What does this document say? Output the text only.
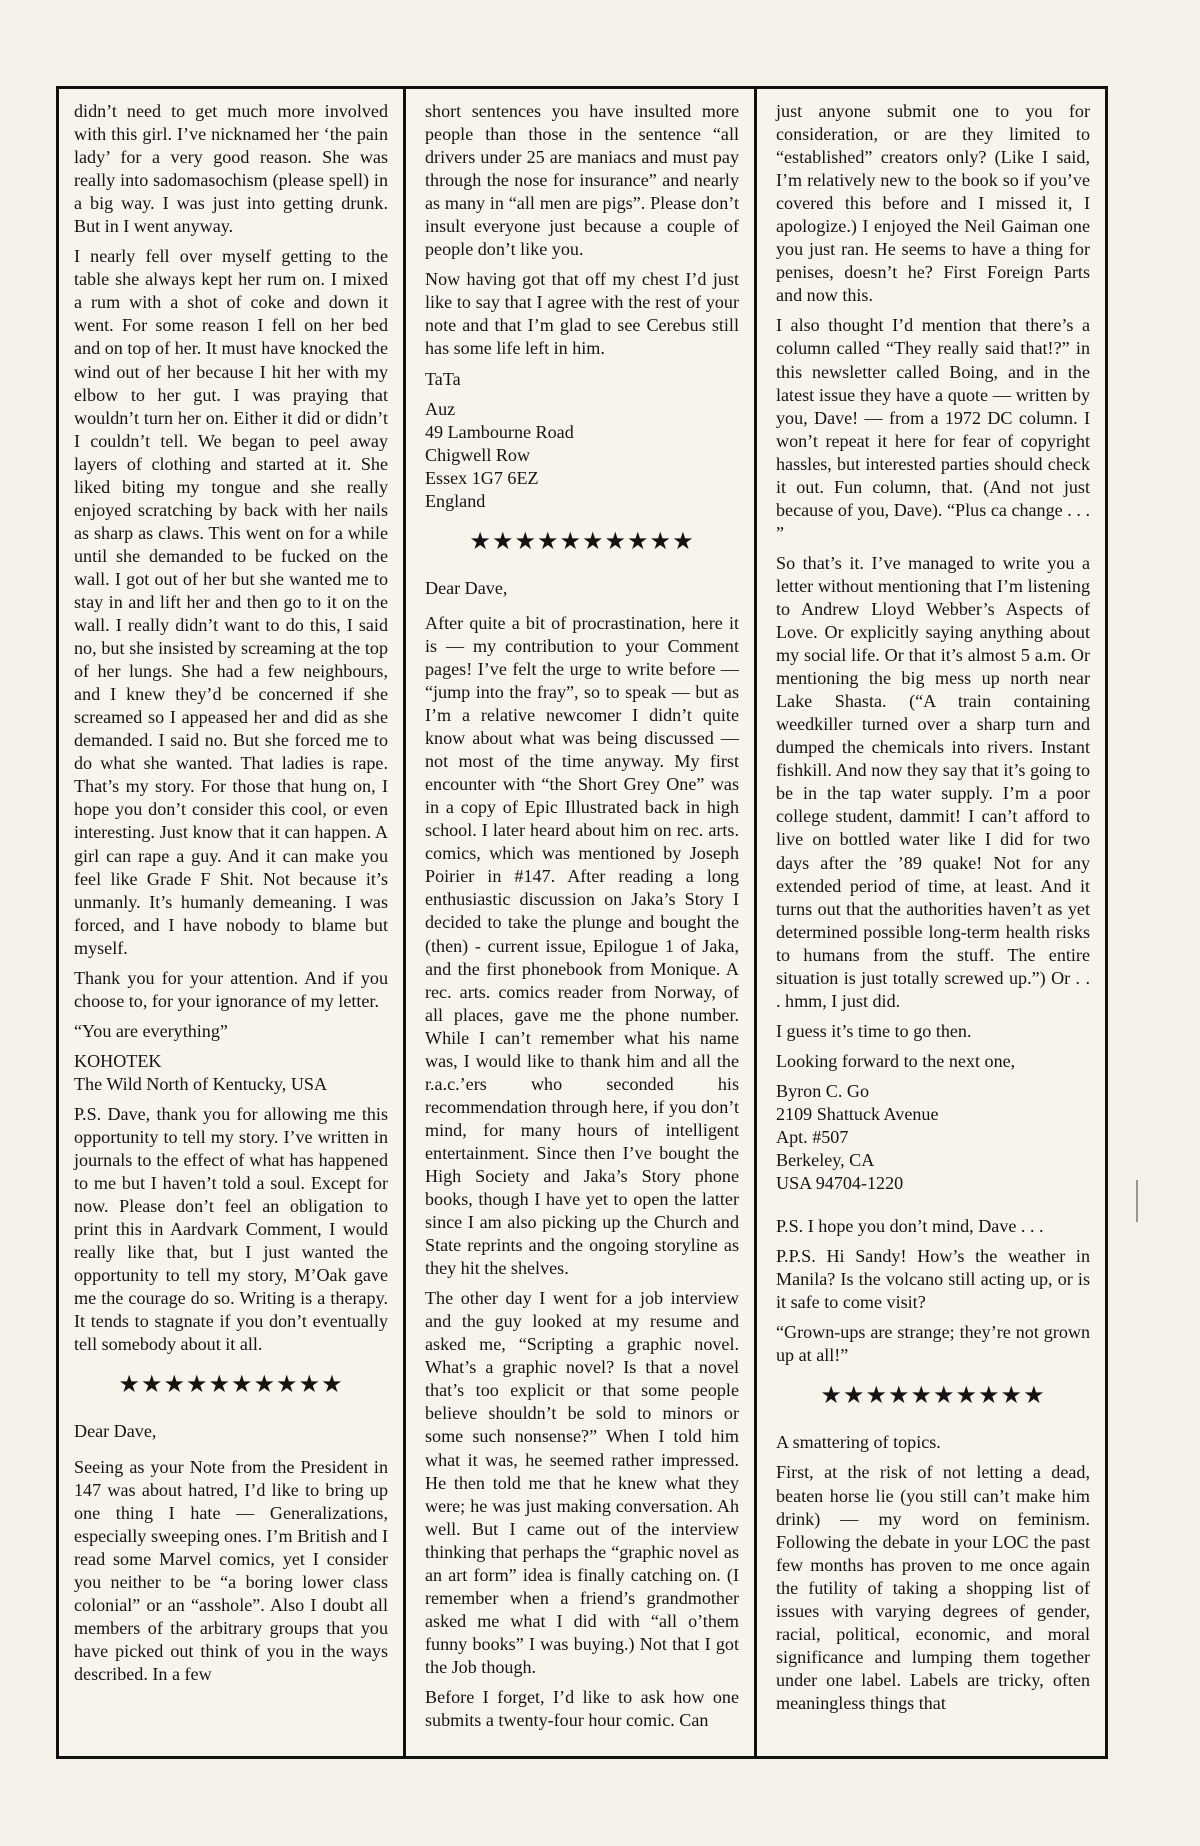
didn’t need to get much more involved with this girl. I’ve nicknamed her ‘the pain lady’ for a very good reason. She was really into sadomasochism (please spell) in a big way. I was just into getting drunk. But in I went anyway.

I nearly fell over myself getting to the table she always kept her rum on. I mixed a rum with a shot of coke and down it went. For some reason I fell on her bed and on top of her. It must have knocked the wind out of her because I hit her with my elbow to her gut. I was praying that wouldn’t turn her on. Either it did or didn’t I couldn’t tell. We began to peel away layers of clothing and started at it. She liked biting my tongue and she really enjoyed scratching by back with her nails as sharp as claws. This went on for a while until she demanded to be fucked on the wall. I got out of her but she wanted me to stay in and lift her and then go to it on the wall. I really didn’t want to do this, I said no, but she insisted by screaming at the top of her lungs. She had a few neighbours, and I knew they’d be concerned if she screamed so I appeased her and did as she demanded. I said no. But she forced me to do what she wanted. That ladies is rape. That’s my story. For those that hung on, I hope you don’t consider this cool, or even interesting. Just know that it can happen. A girl can rape a guy. And it can make you feel like Grade F Shit. Not because it’s unmanly. It’s humanly demeaning. I was forced, and I have nobody to blame but myself.

Thank you for your attention. And if you choose to, for your ignorance of my letter.

“You are everything”

KOHOTEK

The Wild North of Kentucky, USA

P.S. Dave, thank you for allowing me this opportunity to tell my story. I’ve written in journals to the effect of what has happened to me but I haven’t told a soul. Except for now. Please don’t feel an obligation to print this in Aardvark Comment, I would really like that, but I just wanted the opportunity to tell my story, M’Oak gave me the courage do so. Writing is a therapy. It tends to stagnate if you don’t eventually tell somebody about it all.

★★★★★★★★★★

Dear Dave,

Seeing as your Note from the President in 147 was about hatred, I’d like to bring up one thing I hate — Generalizations, especially sweeping ones. I’m British and I read some Marvel comics, yet I consider you neither to be “a boring lower class colonial” or an “asshole”. Also I doubt all members of the arbitrary groups that you have picked out think of you in the ways described. In a few

short sentences you have insulted more people than those in the sentence “all drivers under 25 are maniacs and must pay through the nose for insurance” and nearly as many in “all men are pigs”. Please don’t insult everyone just because a couple of people don’t like you.

Now having got that off my chest I’d just like to say that I agree with the rest of your note and that I’m glad to see Cerebus still has some life left in him.

TaTa

Auz
49 Lambourne Road
Chigwell Row
Essex 1G7 6EZ
England
★★★★★★★★★★

Dear Dave,

After quite a bit of procrastination, here it is — my contribution to your Comment pages! I’ve felt the urge to write before — “jump into the fray”, so to speak — but as I’m a relative newcomer I didn’t quite know about what was being discussed — not most of the time anyway. My first encounter with “the Short Grey One” was in a copy of Epic Illustrated back in high school. I later heard about him on rec. arts. comics, which was mentioned by Joseph Poirier in #147. After reading a long enthusiastic discussion on Jaka’s Story I decided to take the plunge and bought the (then) - current issue, Epilogue 1 of Jaka, and the first phonebook from Monique. A rec. arts. comics reader from Norway, of all places, gave me the phone number. While I can’t remember what his name was, I would like to thank him and all the r.a.c.’ers who seconded his recommendation through here, if you don’t mind, for many hours of intelligent entertainment. Since then I’ve bought the High Society and Jaka’s Story phone books, though I have yet to open the latter since I am also picking up the Church and State reprints and the ongoing storyline as they hit the shelves.

The other day I went for a job interview and the guy looked at my resume and asked me, “Scripting a graphic novel. What’s a graphic novel? Is that a novel that’s too explicit or that some people believe shouldn’t be sold to minors or some such nonsense?” When I told him what it was, he seemed rather impressed. He then told me that he knew what they were; he was just making conversation. Ah well. But I came out of the interview thinking that perhaps the “graphic novel as an art form” idea is finally catching on. (I remember when a friend’s grandmother asked me what I did with “all o’them funny books” I was buying.) Not that I got the Job though.

Before I forget, I’d like to ask how one submits a twenty-four hour comic. Can

just anyone submit one to you for consideration, or are they limited to “established” creators only? (Like I said, I’m relatively new to the book so if you’ve covered this before and I missed it, I apologize.) I enjoyed the Neil Gaiman one you just ran. He seems to have a thing for penises, doesn’t he? First Foreign Parts and now this.

I also thought I’d mention that there’s a column called “They really said that!?” in this newsletter called Boing, and in the latest issue they have a quote — written by you, Dave! — from a 1972 DC column. I won’t repeat it here for fear of copyright hassles, but interested parties should check it out. Fun column, that. (And not just because of you, Dave). “Plus ca change . . . ”

So that’s it. I’ve managed to write you a letter without mentioning that I’m listening to Andrew Lloyd Webber’s Aspects of Love. Or explicitly saying anything about my social life. Or that it’s almost 5 a.m. Or mentioning the big mess up north near Lake Shasta. (“A train containing weedkiller turned over a sharp turn and dumped the chemicals into rivers. Instant fishkill. And now they say that it’s going to be in the tap water supply. I’m a poor college student, dammit! I can’t afford to live on bottled water like I did for two days after the ’89 quake! Not for any extended period of time, at least. And it turns out that the authorities haven’t as yet determined possible long-term health risks to humans from the stuff. The entire situation is just totally screwed up.”) Or . . . hmm, I just did.

I guess it’s time to go then.

Looking forward to the next one,

Byron C. Go
2109 Shattuck Avenue
Apt. #507
Berkeley, CA
USA 94704-1220

P.S. I hope you don’t mind, Dave . . .

P.P.S. Hi Sandy! How’s the weather in Manila? Is the volcano still acting up, or is it safe to come visit?

“Grown-ups are strange; they’re not grown up at all!”

★★★★★★★★★★

A smattering of topics.

First, at the risk of not letting a dead, beaten horse lie (you still can’t make him drink) — my word on feminism. Following the debate in your LOC the past few months has proven to me once again the futility of taking a shopping list of issues with varying degrees of gender, racial, political, economic, and moral significance and lumping them together under one label. Labels are tricky, often meaningless things that
